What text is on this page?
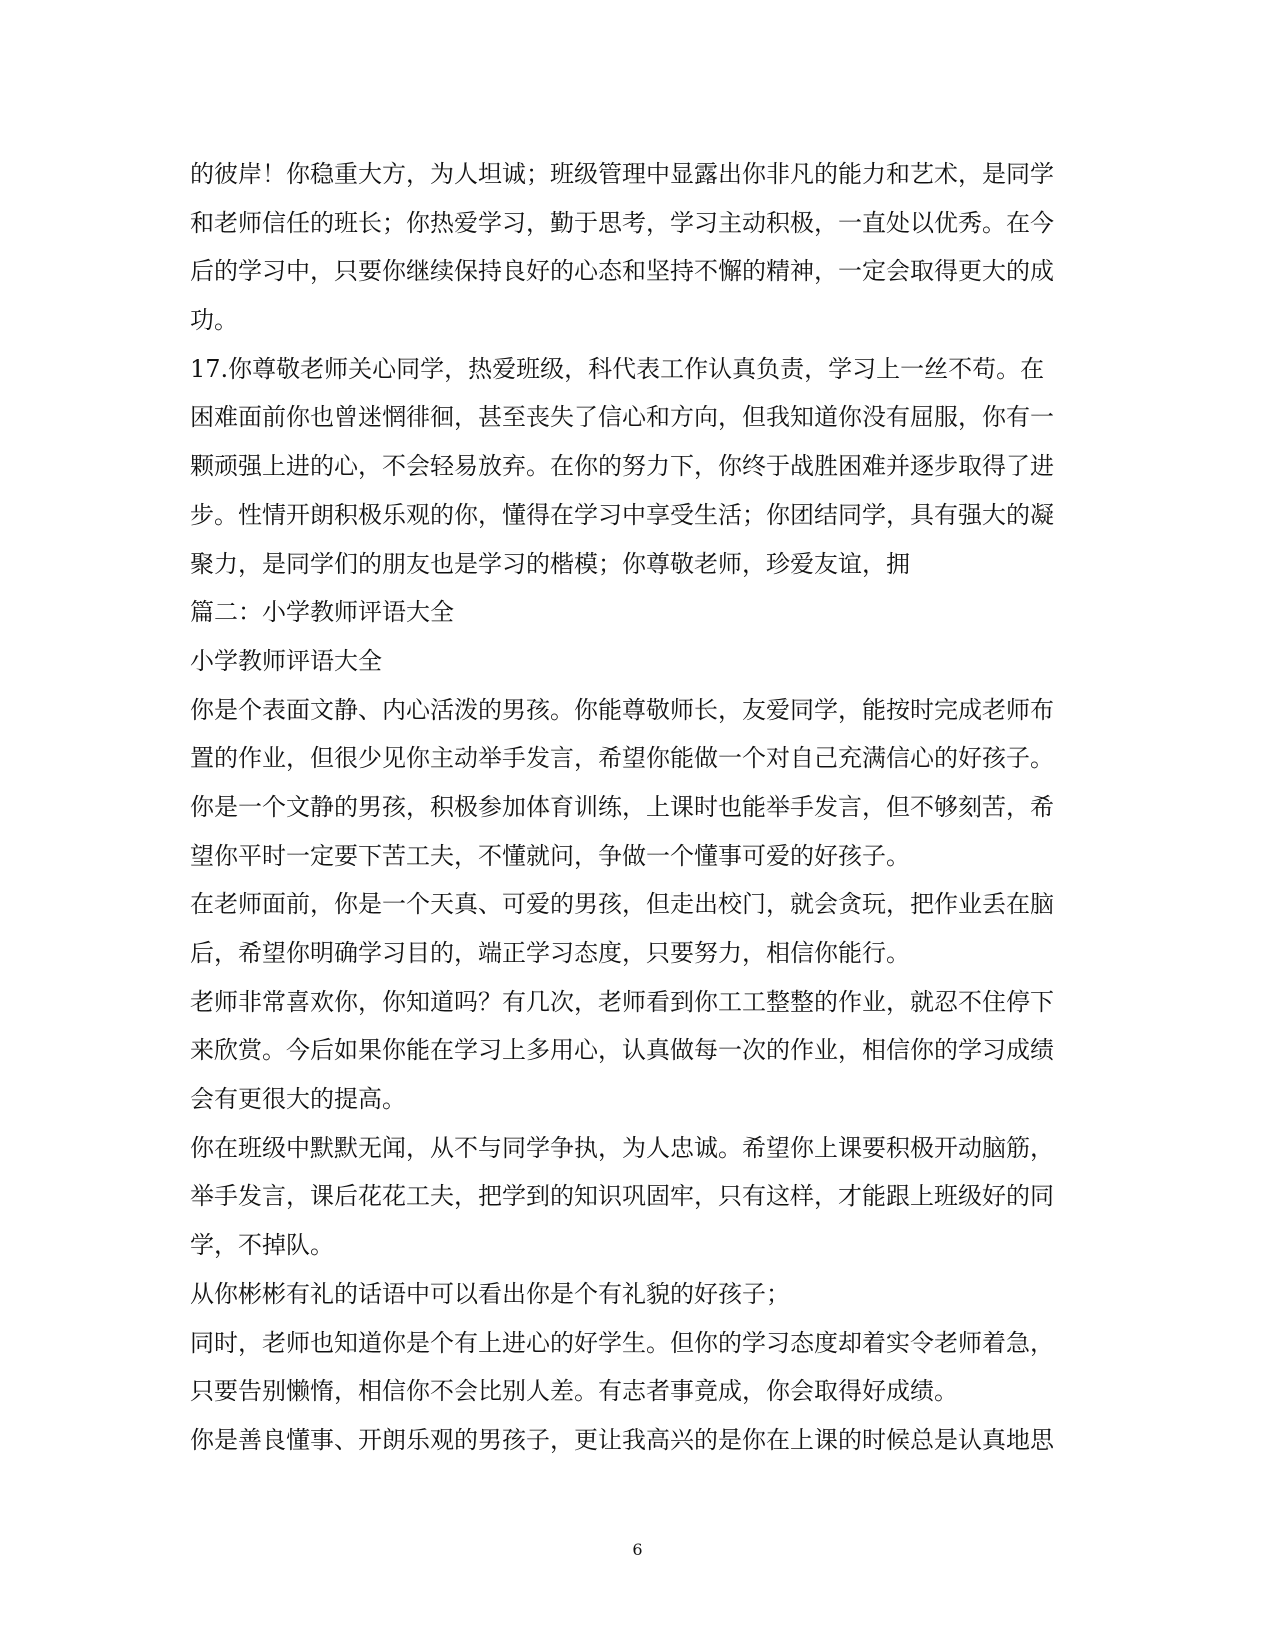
的彼岸！你稳重大方，为人坦诚；班级管理中显露出你非凡的能力和艺术，是同学
和老师信任的班长；你热爱学习，勤于思考，学习主动积极，一直处以优秀。在今
后的学习中，只要你继续保持良好的心态和坚持不懈的精神，一定会取得更大的成
功。
17.你尊敬老师关心同学，热爱班级，科代表工作认真负责，学习上一丝不苟。在
困难面前你也曾迷惘徘徊，甚至丧失了信心和方向，但我知道你没有屈服，你有一
颗顽强上进的心，不会轻易放弃。在你的努力下，你终于战胜困难并逐步取得了进
步。性情开朗积极乐观的你，懂得在学习中享受生活；你团结同学，具有强大的凝
聚力，是同学们的朋友也是学习的楷模；你尊敬老师，珍爱友谊，拥
篇二：小学教师评语大全
小学教师评语大全
你是个表面文静、内心活泼的男孩。你能尊敬师长，友爱同学，能按时完成老师布
置的作业，但很少见你主动举手发言，希望你能做一个对自己充满信心的好孩子。
你是一个文静的男孩，积极参加体育训练，上课时也能举手发言，但不够刻苦，希
望你平时一定要下苦工夫，不懂就问，争做一个懂事可爱的好孩子。
在老师面前，你是一个天真、可爱的男孩，但走出校门，就会贪玩，把作业丢在脑
后，希望你明确学习目的，端正学习态度，只要努力，相信你能行。
老师非常喜欢你，你知道吗？有几次，老师看到你工工整整的作业，就忍不住停下
来欣赏。今后如果你能在学习上多用心，认真做每一次的作业，相信你的学习成绩
会有更很大的提高。
你在班级中默默无闻，从不与同学争执，为人忠诚。希望你上课要积极开动脑筋，
举手发言，课后花花工夫，把学到的知识巩固牢，只有这样，才能跟上班级好的同
学，不掉队。
从你彬彬有礼的话语中可以看出你是个有礼貌的好孩子；
同时，老师也知道你是个有上进心的好学生。但你的学习态度却着实令老师着急，
只要告别懒惰，相信你不会比别人差。有志者事竟成，你会取得好成绩。
你是善良懂事、开朗乐观的男孩子，更让我高兴的是你在上课的时候总是认真地思
6
